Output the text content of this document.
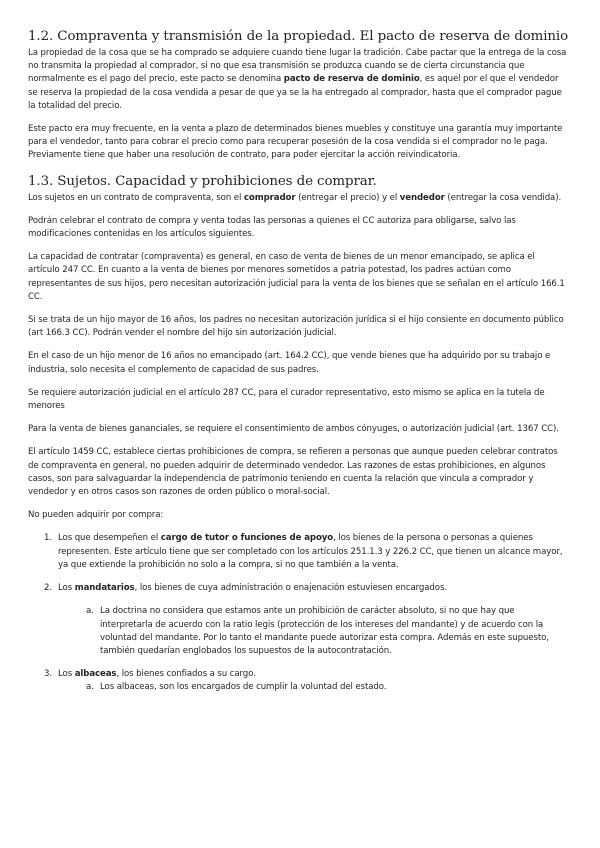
1.2. Compraventa y transmisión de la propiedad. El pacto de reserva de dominio

La propiedad de la cosa que se ha comprado se adquiere cuando tiene lugar la tradición. Cabe pactar que la entrega de la cosa no transmita la propiedad al comprador, si no que esa transmisión se produzca cuando se de cierta circunstancia que normalmente es el pago del precio, este pacto se denomina pacto de reserva de dominio, es aquel por el que el vendedor se reserva la propiedad de la cosa vendida a pesar de que ya se la ha entregado al comprador, hasta que el comprador pague la totalidad del precio.

Este pacto era muy frecuente, en la venta a plazo de determinados bienes muebles y constituye una garantía muy importante para el vendedor, tanto para cobrar el precio como para recuperar posesión de la cosa vendida si el comprador no le paga. Previamente tiene que haber una resolución de contrato, para poder ejercitar la acción reivindicatoria.

1.3. Sujetos. Capacidad y prohibiciones de comprar.

Los sujetos en un contrato de compraventa, son el comprador (entregar el precio) y el vendedor (entregar la cosa vendida).

Podrán celebrar el contrato de compra y venta todas las personas a quienes el CC autoriza para obligarse, salvo las modificaciones contenidas en los artículos siguientes.

La capacidad de contratar (compraventa) es general, en caso de venta de bienes de un menor emancipado, se aplica el artículo 247 CC. En cuanto a la venta de bienes por menores sometidos a patria potestad, los padres actúan como representantes de sus hijos, pero necesitan autorización judicial para la venta de los bienes que se señalan en el artículo 166.1 CC.

Si se trata de un hijo mayor de 16 años, los padres no necesitan autorización jurídica si el hijo consiente en documento público (art 166.3 CC). Podrán vender el nombre del hijo sin autorización judicial.

En el caso de un hijo menor de 16 años no emancipado (art. 164.2 CC), que vende bienes que ha adquirido por su trabajo e industria, solo necesita el complemento de capacidad de sus padres.

Se requiere autorización judicial en el artículo 287 CC, para el curador representativo, esto mismo se aplica en la tutela de menores

Para la venta de bienes gananciales, se requiere el consentimiento de ambos cónyuges, o autorización judicial (art. 1367 CC).

El artículo 1459 CC, establece ciertas prohibiciones de compra, se refieren a personas que aunque pueden celebrar contratos de compraventa en general, no pueden adquirir de determinado vendedor. Las razones de estas prohibiciones, en algunos casos, son para salvaguardar la independencia de patrimonio teniendo en cuenta la relación que vincula a comprador y vendedor y en otros casos son razones de orden público o moral-social.

No pueden adquirir por compra:

1. Los que desempeñen el cargo de tutor o funciones de apoyo, los bienes de la persona o personas a quienes representen. Este artículo tiene que ser completado con los artículos 251.1.3 y 226.2 CC, que tienen un alcance mayor, ya que extiende la prohibición no solo a la compra, si no que también a la venta.
2. Los mandatarios, los bienes de cuya administración o enajenación estuviesen encargados.
a. La doctrina no considera que estamos ante un prohibición de carácter absoluto, si no que hay que interpretarla de acuerdo con la ratio legis (protección de los intereses del mandante) y de acuerdo con la voluntad del mandante. Por lo tanto el mandante puede autorizar esta compra. Además en este supuesto, también quedarían englobados los supuestos de la autocontratación.
3. Los albaceas, los bienes confiados a su cargo.
a. Los albaceas, son los encargados de cumplir la voluntad del estado.
